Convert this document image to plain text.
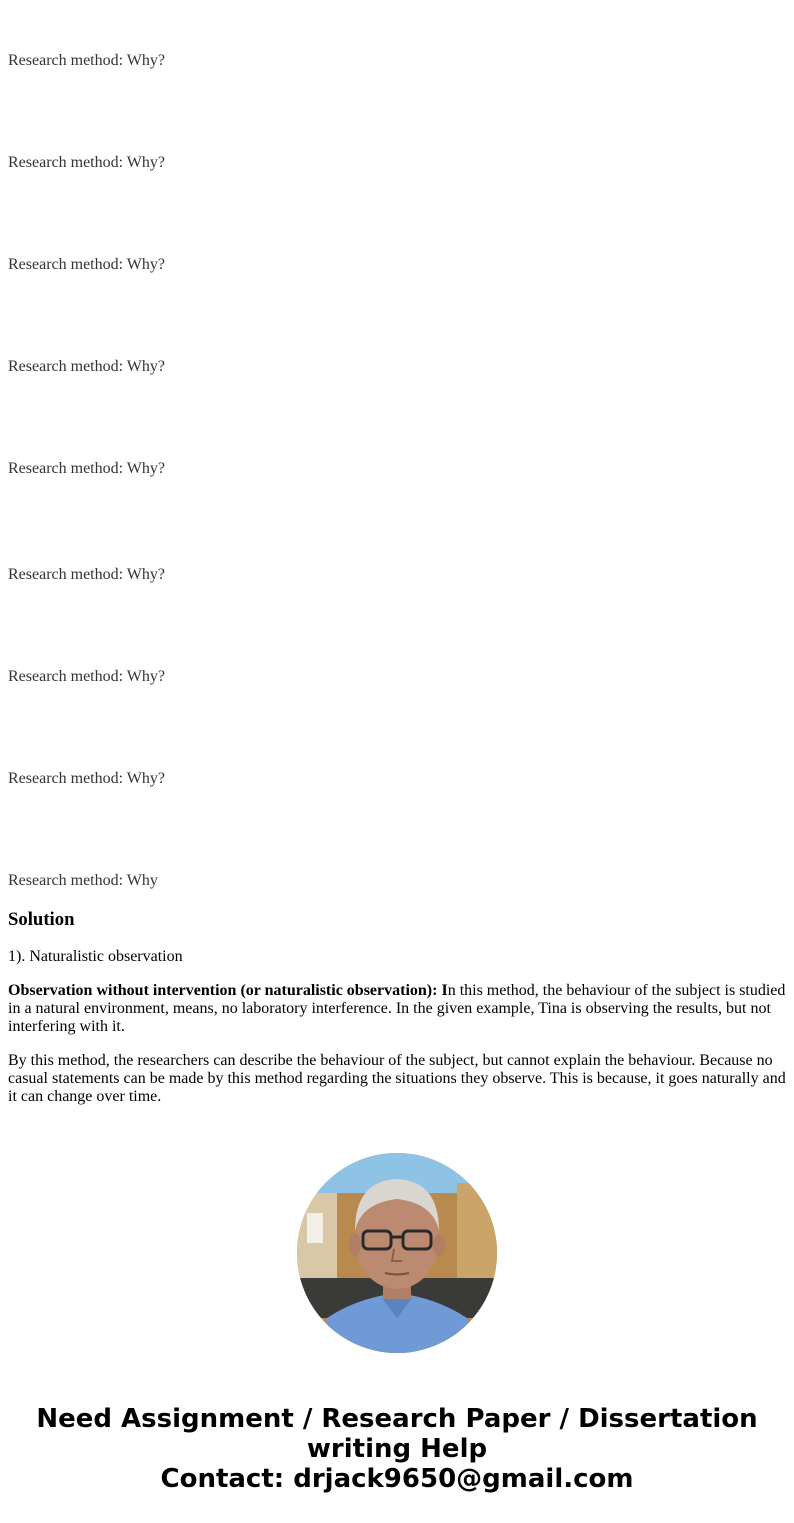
Research method: Why?

Research method: Why?

Research method: Why?

Research method: Why?

Research method: Why?

Research method: Why?

Research method: Why?

Research method: Why?

Research method: Why

Solution

1). Naturalistic observation

Observation without intervention (or naturalistic observation): In this method, the behaviour of the subject is studied in a natural environment, means, no laboratory interference. In the given example, Tina is observing the results, but not interfering with it.

By this method, the researchers can describe the behaviour of the subject, but cannot explain the behaviour. Because no casual statements can be made by this method regarding the situations they observe. This is because, it goes naturally and it can change over time.

Need Assignment / Research Paper / Dissertation writing Help
Contact: drjack9650@gmail.com
